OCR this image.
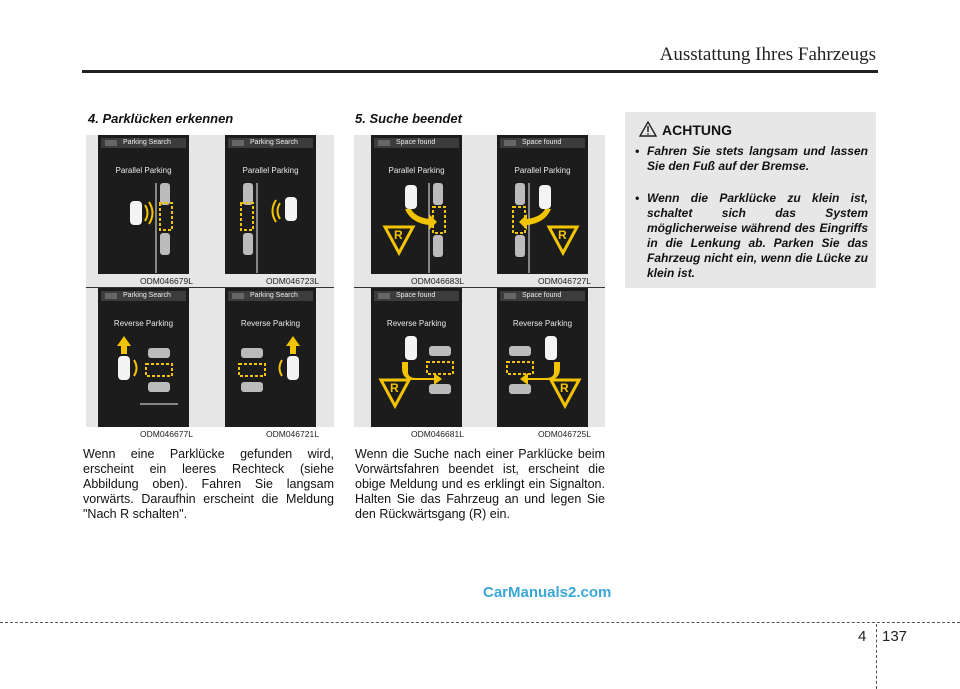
Ausstattung Ihres Fahrzeugs
4. Parklücken erkennen
Parking Search
Parallel Parking
Parking Search
Parallel Parking
ODM046679L	ODM046723L
Parking Search
Reverse Parking
Parking Search
Reverse Parking
ODM046677L	ODM046721L
Wenn eine Parklücke gefunden wird, erscheint ein leeres Rechteck (siehe Abbildung oben). Fahren Sie langsam vorwärts. Daraufhin erscheint die Meldung "Nach R schalten".
5. Suche beendet
Space found
Parallel Parking
R
Space found
Parallel Parking
R
ODM046683L	ODM046727L
Space found
Reverse Parking
R
Space found
Reverse Parking
R
ODM046681L	ODM046725L
Wenn die Suche nach einer Parklücke beim Vorwärtsfahren beendet ist, erscheint die obige Meldung und es erklingt ein Signalton. Halten Sie das Fahrzeug an und legen Sie den Rückwärtsgang (R) ein.
ACHTUNG
• Fahren Sie stets langsam und lassen Sie den Fuß auf der Bremse.
• Wenn die Parklücke zu klein ist, schaltet sich das System möglicherweise während des Eingriffs in die Lenkung ab. Parken Sie das Fahrzeug nicht ein, wenn die Lücke zu klein ist.
CarManuals2.com
4 137
